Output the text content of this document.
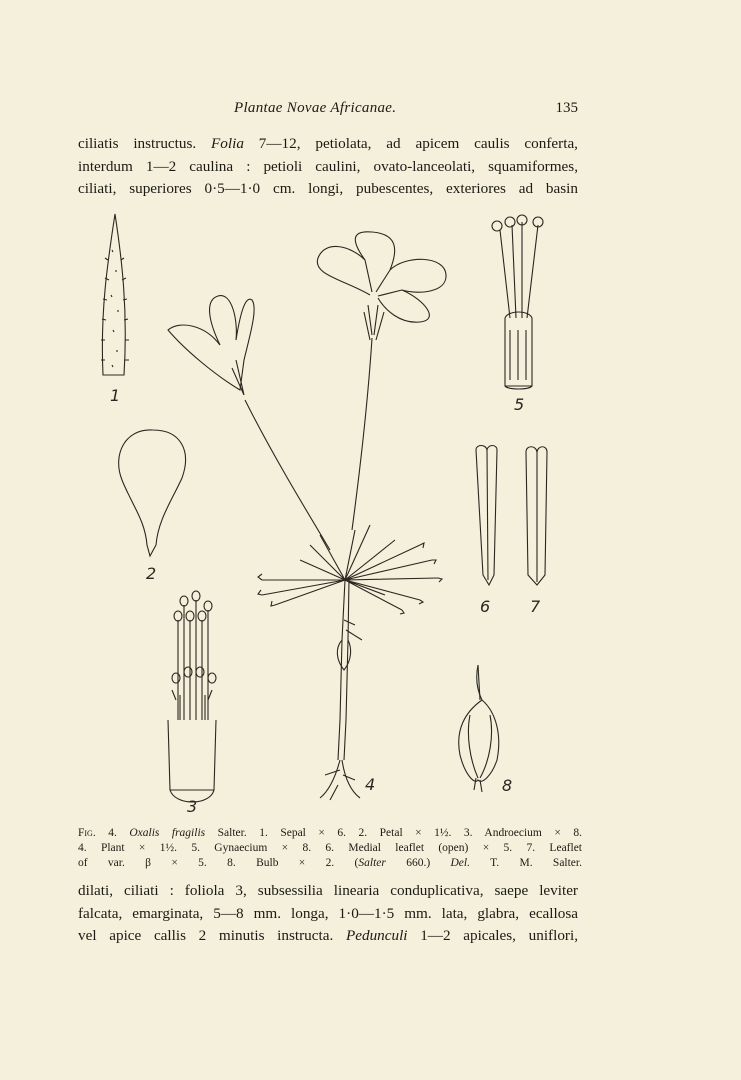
Plantae Novae Africanae.	135
ciliatis instructus. Folia 7—12, petiolata, ad apicem caulis conferta,
interdum 1—2 caulina : petioli caulini, ovato-lanceolati, squamiformes,
ciliati, superiores 0·5—1·0 cm. longi, pubescentes, exteriores ad basin
1
2
3
4
5
6 7
8
Fig. 4. Oxalis fragilis Salter. 1. Sepal × 6. 2. Petal × 1½. 3. Androecium × 8.
4. Plant × 1½. 5. Gynaecium × 8. 6. Medial leaflet (open) × 5. 7. Leaflet
of var. β × 5. 8. Bulb × 2. (Salter 660.) Del. T. M. Salter.
dilati, ciliati : foliola 3, subsessilia linearia conduplicativa, saepe leviter
falcata, emarginata, 5—8 mm. longa, 1·0—1·5 mm. lata, glabra, ecallosa
vel apice callis 2 minutis instructa. Pedunculi 1—2 apicales, uniflori,
